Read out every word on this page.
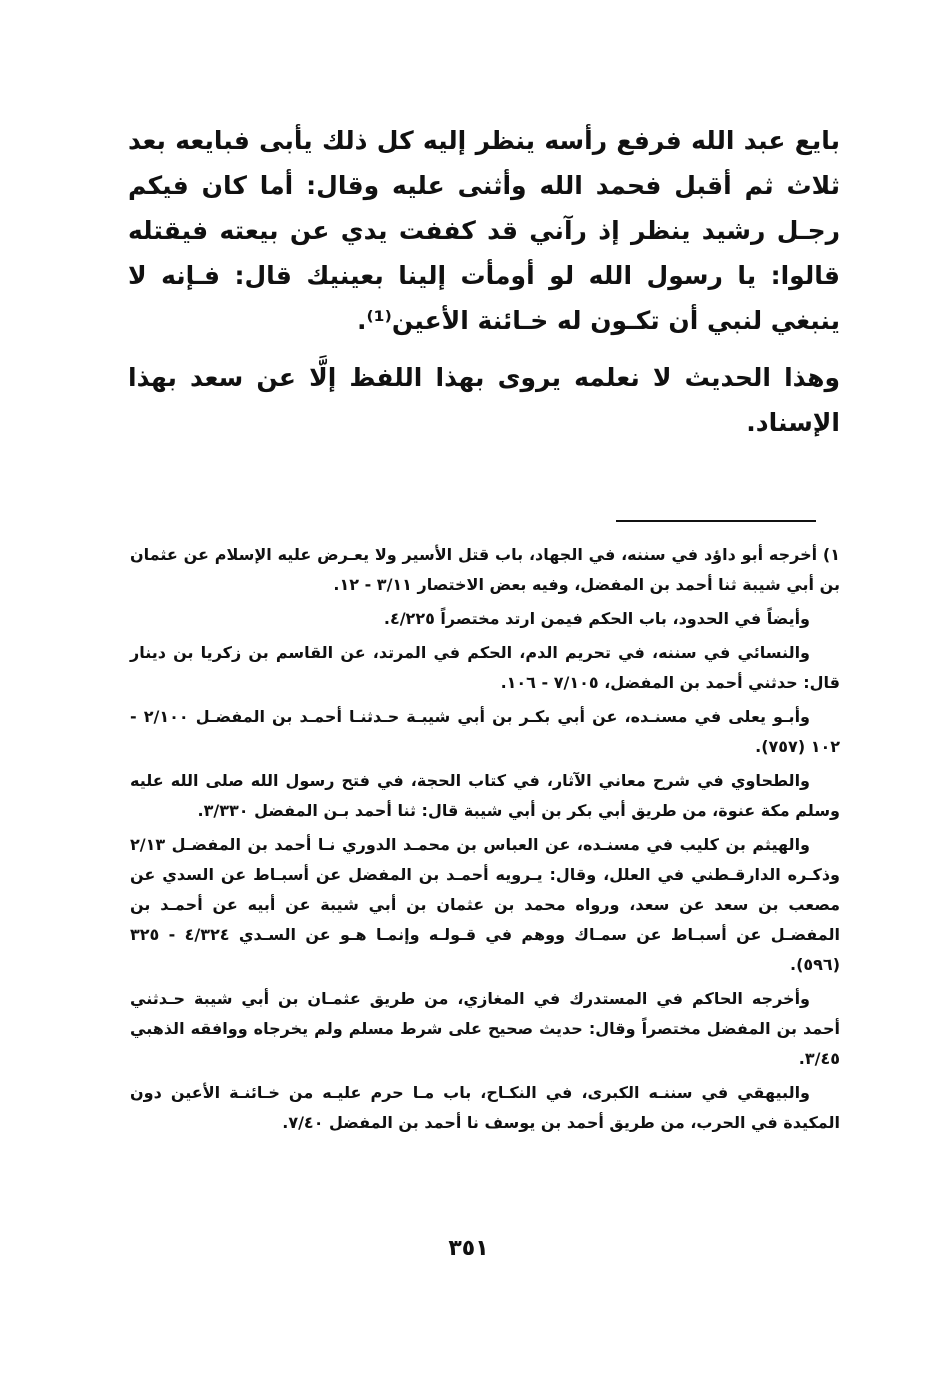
بايع عبد الله فرفع رأسه ينظر إليه كل ذلك يأبى فبايعه بعد ثلاث ثم أقبل فحمد الله وأثنى عليه وقال: أما كان فيكم رجـل رشيد ينظر إذ رآني قد كففت يدي عن بيعته فيقتله قالوا: يا رسول الله لو أومأت إلينا بعينيك قال: فـإنه لا ينبغي لنبي أن تكـون له خـائنة الأعين⁽¹⁾.

وهذا الحديث لا نعلمه يروى بهذا اللفظ إلَّا عن سعد بهذا الإسناد.

١) أخرجه أبو داؤد في سننه، في الجهاد، باب قتل الأسير ولا يعـرض عليه الإسلام عن عثمان بن أبي شيبة ثنا أحمد بن المفضل، وفيه بعض الاختصار ٣/١١ - ١٢.

وأيضاً في الحدود، باب الحكم فيمن ارتد مختصراً ٤/٢٢٥.

والنسائي في سننه، في تحريم الدم، الحكم في المرتد، عن القاسم بن زكريا بن دينار قال: حدثني أحمد بن المفضل، ٧/١٠٥ - ١٠٦.

وأبـو يعلى في مسنـده، عن أبي بكـر بن أبي شيبـة حـدثنـا أحمـد بن المفضـل ٢/١٠٠ - ١٠٢ (٧٥٧).

والطحاوي في شرح معاني الآثار، في كتاب الحجة، في فتح رسول الله صلى الله عليه وسلم مكة عنوة، من طريق أبي بكر بن أبي شيبة قال: ثنا أحمد بـن المفضل ٣/٣٣٠.

والهيثم بن كليب في مسنـده، عن العباس بن محمـد الدوري نـا أحمد بن المفضـل ٢/١٣ وذكـره الدارقـطني في العلل، وقال: يـرويه أحمـد بن المفضل عن أسبـاط عن السدي عن مصعب بن سعد عن سعد، ورواه محمد بن عثمان بن أبي شيبة عن أبيه عن أحمـد بن المفضـل عن أسبـاط عن سمـاك ووهم في قـولـه وإنمـا هـو عن السـدي ٤/٣٢٤ - ٣٢٥ (٥٩٦).

وأخرجه الحاكم في المستدرك في المغازي، من طريق عثمـان بن أبي شيبة حـدثني أحمد بن المفضل مختصراً وقال: حديث صحيح على شرط مسلم ولم يخرجاه ووافقه الذهبي ٣/٤٥.

والبيهقي في سننـه الكبرى، في النكـاح، باب مـا حرم عليـه من خـائنـة الأعين دون المكيدة في الحرب، من طريق أحمد بن يوسف نا أحمد بن المفضل ٧/٤٠.

٣٥١
